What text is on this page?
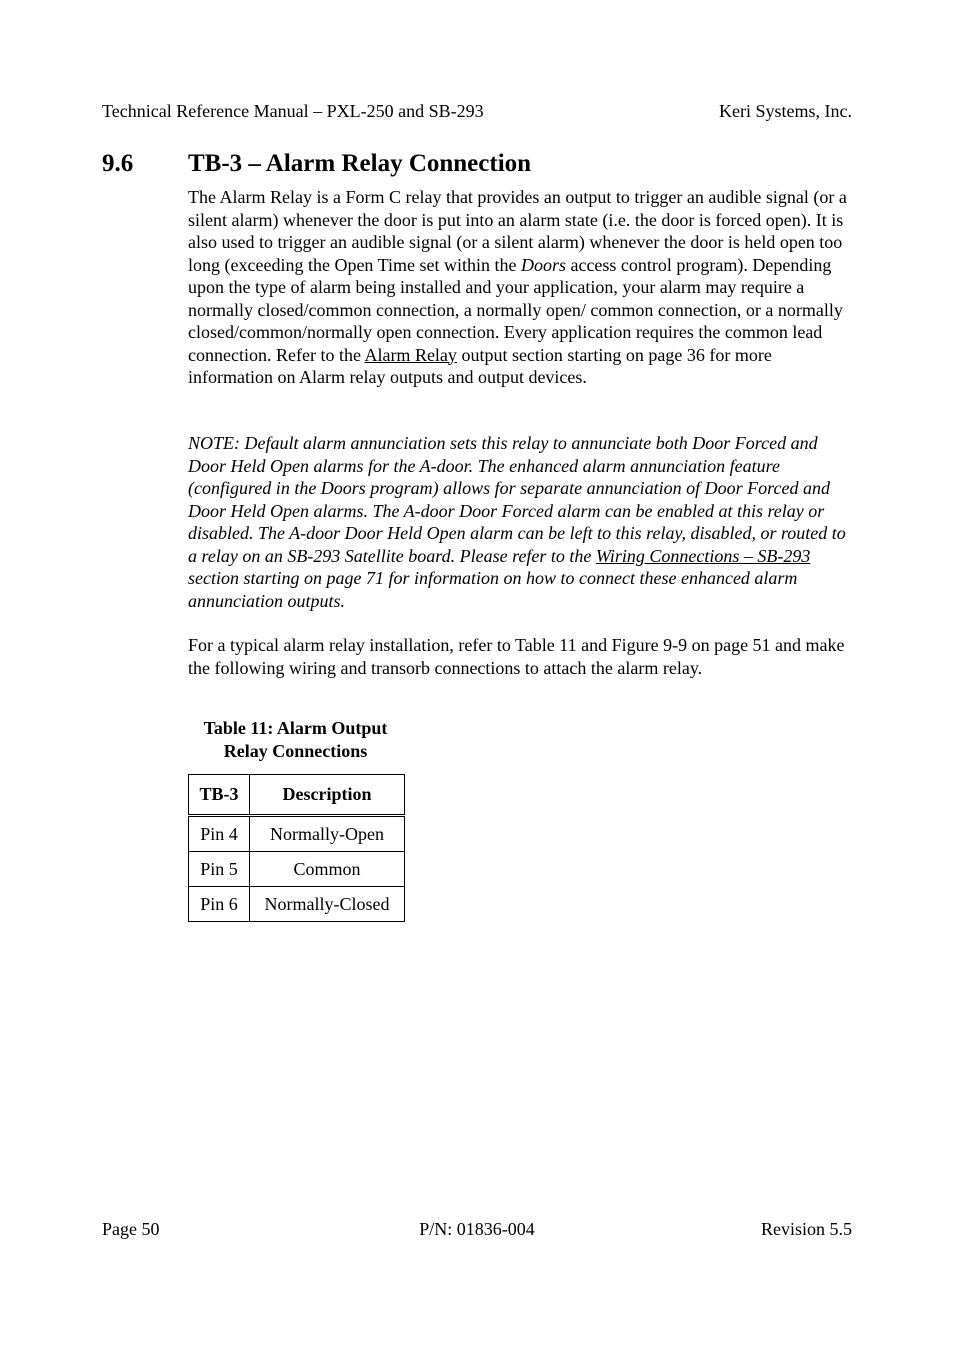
Technical Reference Manual – PXL-250 and SB-293	Keri Systems, Inc.
9.6 TB-3 – Alarm Relay Connection
The Alarm Relay is a Form C relay that provides an output to trigger an audible signal (or a silent alarm) whenever the door is put into an alarm state (i.e. the door is forced open). It is also used to trigger an audible signal (or a silent alarm) whenever the door is held open too long (exceeding the Open Time set within the Doors access control program). Depending upon the type of alarm being installed and your application, your alarm may require a normally closed/common connection, a normally open/ common connection, or a normally closed/common/normally open connection. Every application requires the common lead connection. Refer to the Alarm Relay output section starting on page 36 for more information on Alarm relay outputs and output devices.
NOTE: Default alarm annunciation sets this relay to annunciate both Door Forced and Door Held Open alarms for the A-door. The enhanced alarm annunciation feature (configured in the Doors program) allows for separate annunciation of Door Forced and Door Held Open alarms. The A-door Door Forced alarm can be enabled at this relay or disabled. The A-door Door Held Open alarm can be left to this relay, disabled, or routed to a relay on an SB-293 Satellite board. Please refer to the Wiring Connections – SB-293 section starting on page 71 for information on how to connect these enhanced alarm annunciation outputs.
For a typical alarm relay installation, refer to Table 11 and Figure 9-9 on page 51 and make the following wiring and transorb connections to attach the alarm relay.
Table 11: Alarm Output
Relay Connections
TB-3	Description
Pin 4	Normally-Open
Pin 5	Common
Pin 6	Normally-Closed
Page 50	P/N: 01836-004	Revision 5.5
